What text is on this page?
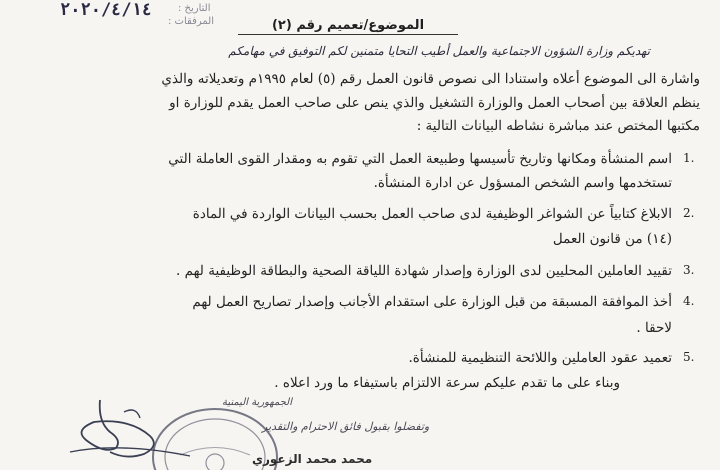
٢٠٢٠/٤/١٤	التاريخ :
المرفقات :	الموضوع/تعميم رقم (٢)
تهديكم وزارة الشؤون الاجتماعية والعمل أطيب التحايا متمنين لكم التوفيق في مهامكم
واشارة الى الموضوع أعلاه واستنادا الى نصوص قانون العمل رقم (٥) لعام ١٩٩٥م وتعديلاته والذي
ينظم العلاقة بين أصحاب العمل والوزارة التشغيل والذي ينص على صاحب العمل يقدم للوزارة او
مكتبها المختص عند مباشرة نشاطه البيانات التالية :
1.
اسم المنشأة ومكانها وتاريخ تأسيسها وطبيعة العمل التي تقوم به ومقدار القوى العاملة التي
تستخدمها واسم الشخص المسؤول عن ادارة المنشأة.
2.
الابلاغ كتابياً عن الشواغر الوظيفية لدى صاحب العمل بحسب البيانات الواردة في المادة
(١٤) من قانون العمل
3.
تقييد العاملين المحليين لدى الوزارة وإصدار شهادة اللياقة الصحية والبطاقة الوظيفية لهم .
4.
أخذ الموافقة المسبقة من قبل الوزارة على استقدام الأجانب وإصدار تصاريح العمل لهم
لاحقا .
5.
تعميد عقود العاملين واللائحة التنظيمية للمنشأة.
وبناء على ما تقدم عليكم سرعة الالتزام باستيفاء ما ورد اعلاه .
الجمهورية اليمنية
وتفضلوا بقبول فائق الاحترام والتقدير
محمد محمد الزعوري
